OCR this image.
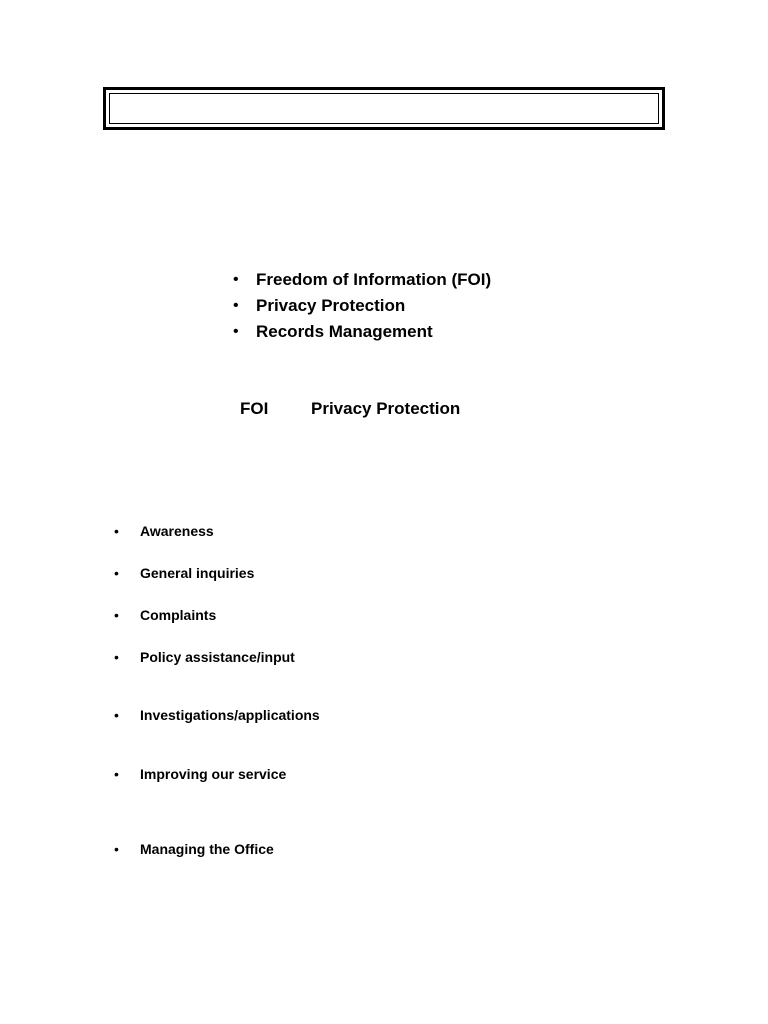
• Freedom of Information (FOI)
• Privacy Protection
• Records Management
FOI	Privacy Protection
• Awareness
• General inquiries
• Complaints
• Policy assistance/input
• Investigations/applications
• Improving our service
• Managing the Office
